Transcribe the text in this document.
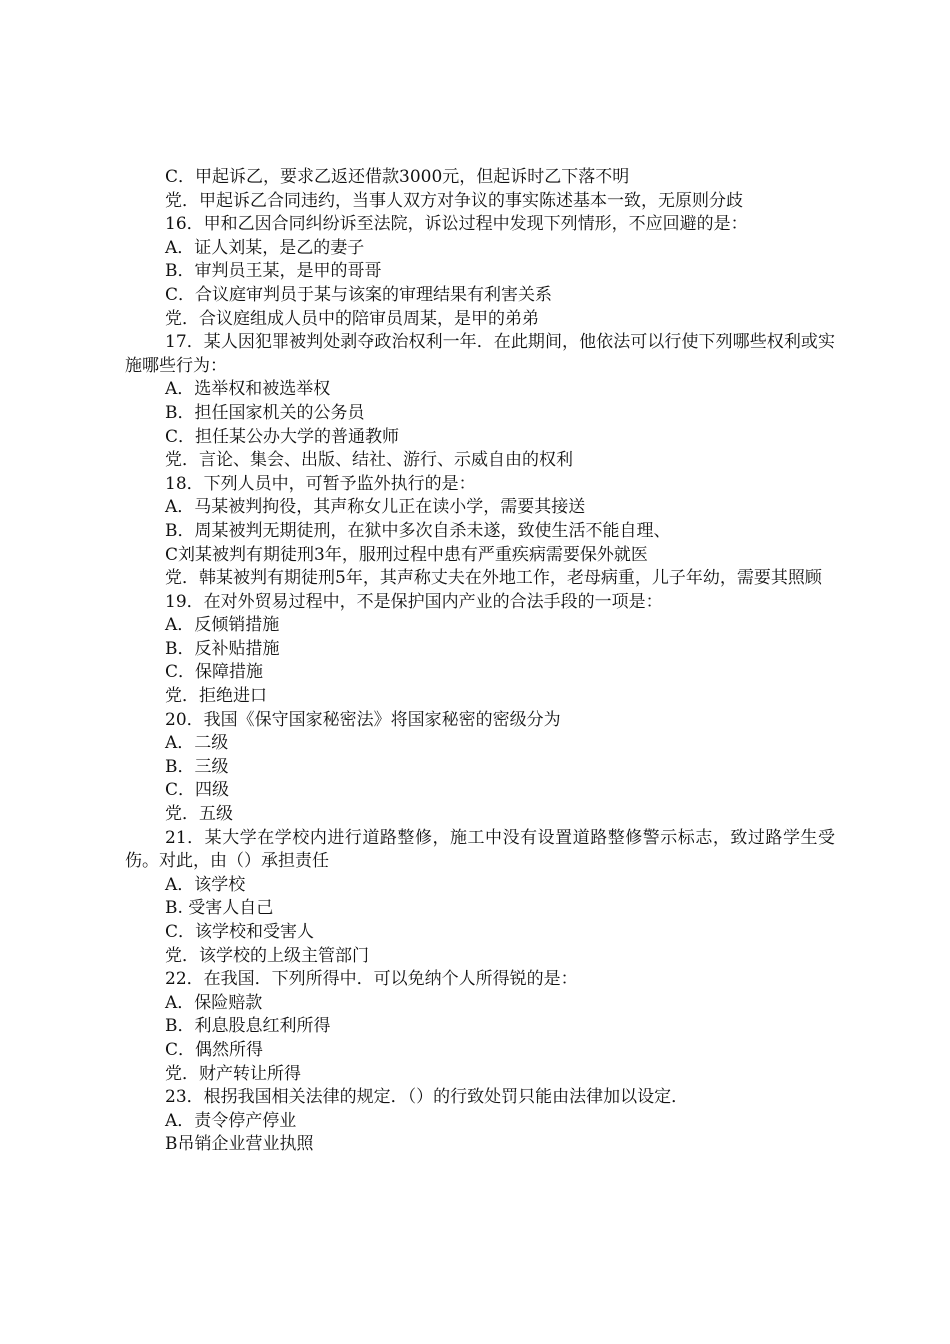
C．甲起诉乙，要求乙返还借款3000元，但起诉时乙下落不明

党．甲起诉乙合同违约，当事人双方对争议的事实陈述基本一致，无原则分歧

16．甲和乙因合同纠纷诉至法院，诉讼过程中发现下列情形，不应回避的是：

A．证人刘某，是乙的妻子

B．审判员王某，是甲的哥哥

C．合议庭审判员于某与该案的审理结果有利害关系

党．合议庭组成人员中的陪审员周某，是甲的弟弟

17．某人因犯罪被判处剥夺政治权利一年．在此期间，他依法可以行使下列哪些权利或实施哪些行为：

A．选举权和被选举权

B．担任国家机关的公务员

C．担任某公办大学的普通教师

党．言论、集会、出版、结社、游行、示威自由的权利

18．下列人员中，可暂予监外执行的是：

A．马某被判拘役，其声称女儿正在读小学，需要其接送

B．周某被判无期徒刑，在狱中多次自杀未遂，致使生活不能自理、

C刘某被判有期徒刑3年，服刑过程中患有严重疾病需要保外就医

党．韩某被判有期徒刑5年，其声称丈夫在外地工作，老母病重，儿子年幼，需要其照顾

19．在对外贸易过程中，不是保护国内产业的合法手段的一项是：

A．反倾销措施

B．反补贴措施

C．保障措施

党．拒绝进口

20．我国《保守国家秘密法》将国家秘密的密级分为

A．二级

B．三级

C．四级

党．五级

21．某大学在学校内进行道路整修，施工中没有设置道路整修警示标志，致过路学生受伤。对此，由（）承担责任

A．该学校

B. 受害人自己

C．该学校和受害人

党．该学校的上级主管部门

22．在我国．下列所得中．可以免纳个人所得锐的是：

A．保险赔款

B．利息股息红利所得

C．偶然所得

党．财产转让所得

23．根拐我国相关法律的规定．（）的行致处罚只能由法律加以设定．

A．责令停产停业

B吊销企业营业执照
